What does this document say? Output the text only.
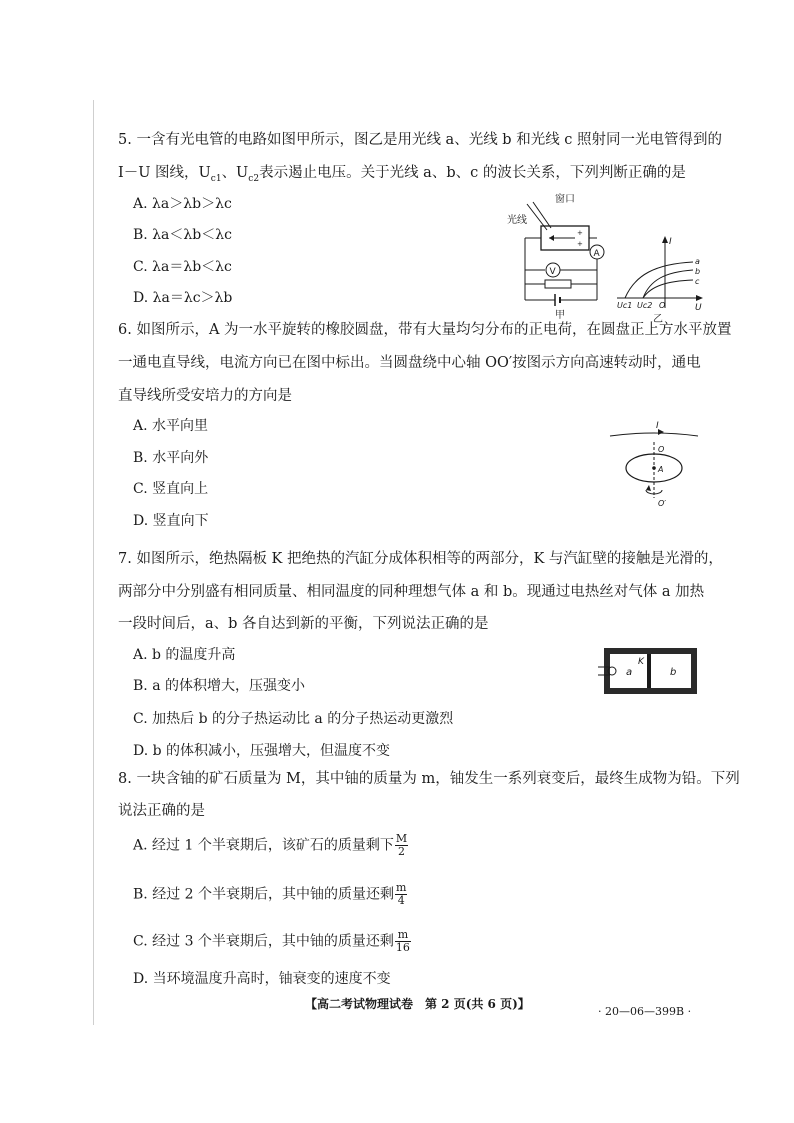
5. 一含有光电管的电路如图甲所示，图乙是用光线 a、光线 b 和光线 c 照射同一光电管得到的
I－U 图线，$U_{c1}$、$U_{c2}$表示遏止电压。关于光线 a、b、c 的波长关系，下列判断正确的是
A. λa＞λb＞λc
B. λa＜λb＜λc
C. λa＝λb＜λc
D. λa＝λc＞λb
窗口
光线
+
+
A
V
甲
I
U
O
Uc1 Uc2
a
b
c
乙
6. 如图所示，A 为一水平旋转的橡胶圆盘，带有大量均匀分布的正电荷，在圆盘正上方水平放置
一通电直导线，电流方向已在图中标出。当圆盘绕中心轴 OO′按图示方向高速转动时，通电
直导线所受安培力的方向是
A. 水平向里
B. 水平向外
C. 竖直向上
D. 竖直向下
I
O
A
O′
7. 如图所示，绝热隔板 K 把绝热的汽缸分成体积相等的两部分，K 与汽缸壁的接触是光滑的，
两部分中分别盛有相同质量、相同温度的同种理想气体 a 和 b。现通过电热丝对气体 a 加热
一段时间后，a、b 各自达到新的平衡，下列说法正确的是
A. b 的温度升高
B. a 的体积增大，压强变小
C. 加热后 b 的分子热运动比 a 的分子热运动更激烈
D. b 的体积减小，压强增大，但温度不变
a
K
b
8. 一块含铀的矿石质量为 M，其中铀的质量为 m，铀发生一系列衰变后，最终生成物为铅。下列
说法正确的是
A. 经过 1 个半衰期后，该矿石的质量剩下 $\frac{M}{2}$
B. 经过 2 个半衰期后，其中铀的质量还剩 $\frac{m}{4}$
C. 经过 3 个半衰期后，其中铀的质量还剩 $\frac{m}{16}$
D. 当环境温度升高时，铀衰变的速度不变
【高二考试物理试卷　第 2 页(共 6 页)】
· 20—06—399B ·
